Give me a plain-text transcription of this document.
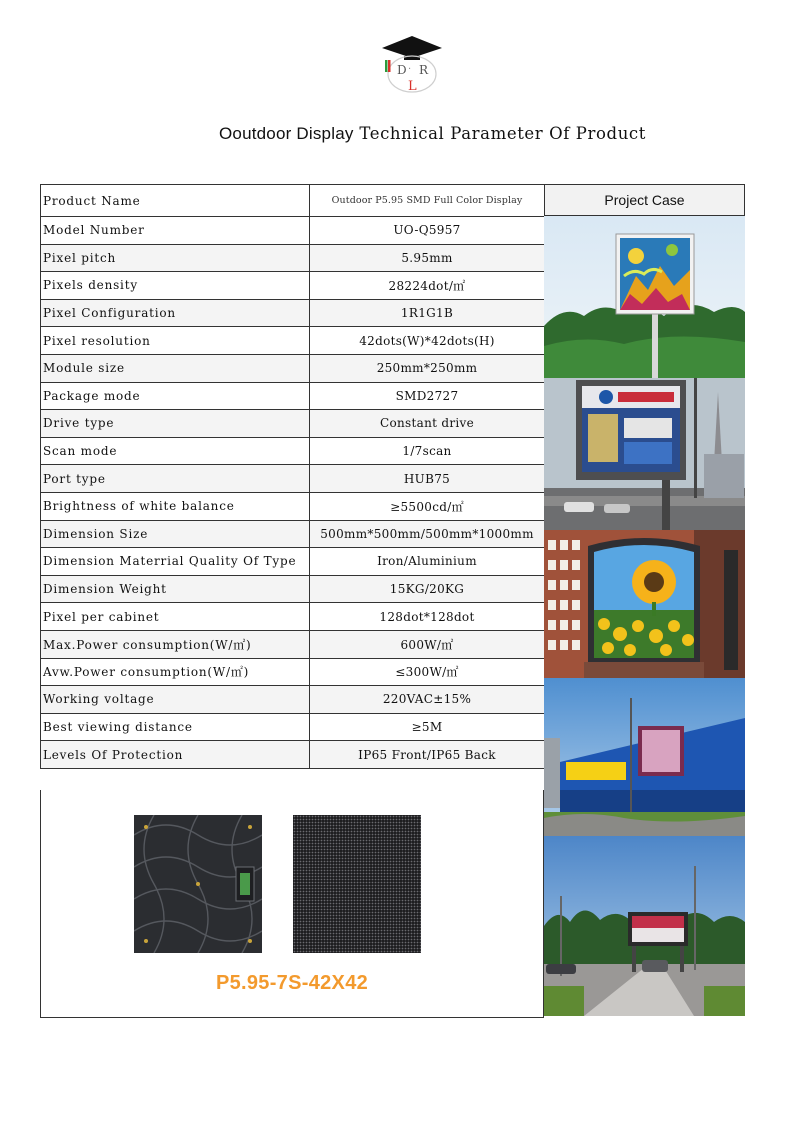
D · R
L
Ooutdoor Display Technical Parameter Of Product
Product Name	Outdoor P5.95 SMD Full Color Display
Model Number	UO-Q5957
Pixel pitch	5.95mm
Pixels density	28224dot/㎡
Pixel Configuration	1R1G1B
Pixel resolution	42dots(W)*42dots(H)
Module size	250mm*250mm
Package mode	SMD2727
Drive type	Constant drive
Scan mode	1/7scan
Port type	HUB75
Brightness of white balance	≥5500cd/㎡
Dimension Size	500mm*500mm/500mm*1000mm
Dimension Materrial Quality Of Type	Iron/Aluminium
Dimension Weight	15KG/20KG
Pixel per cabinet	128dot*128dot
Max.Power consumption(W/㎡)	600W/㎡
Avw.Power consumption(W/㎡)	≤300W/㎡
Working voltage	220VAC±15%
Best viewing distance	≥5M
Levels Of Protection	IP65 Front/IP65 Back
Project Case
P5.95-7S-42X42
